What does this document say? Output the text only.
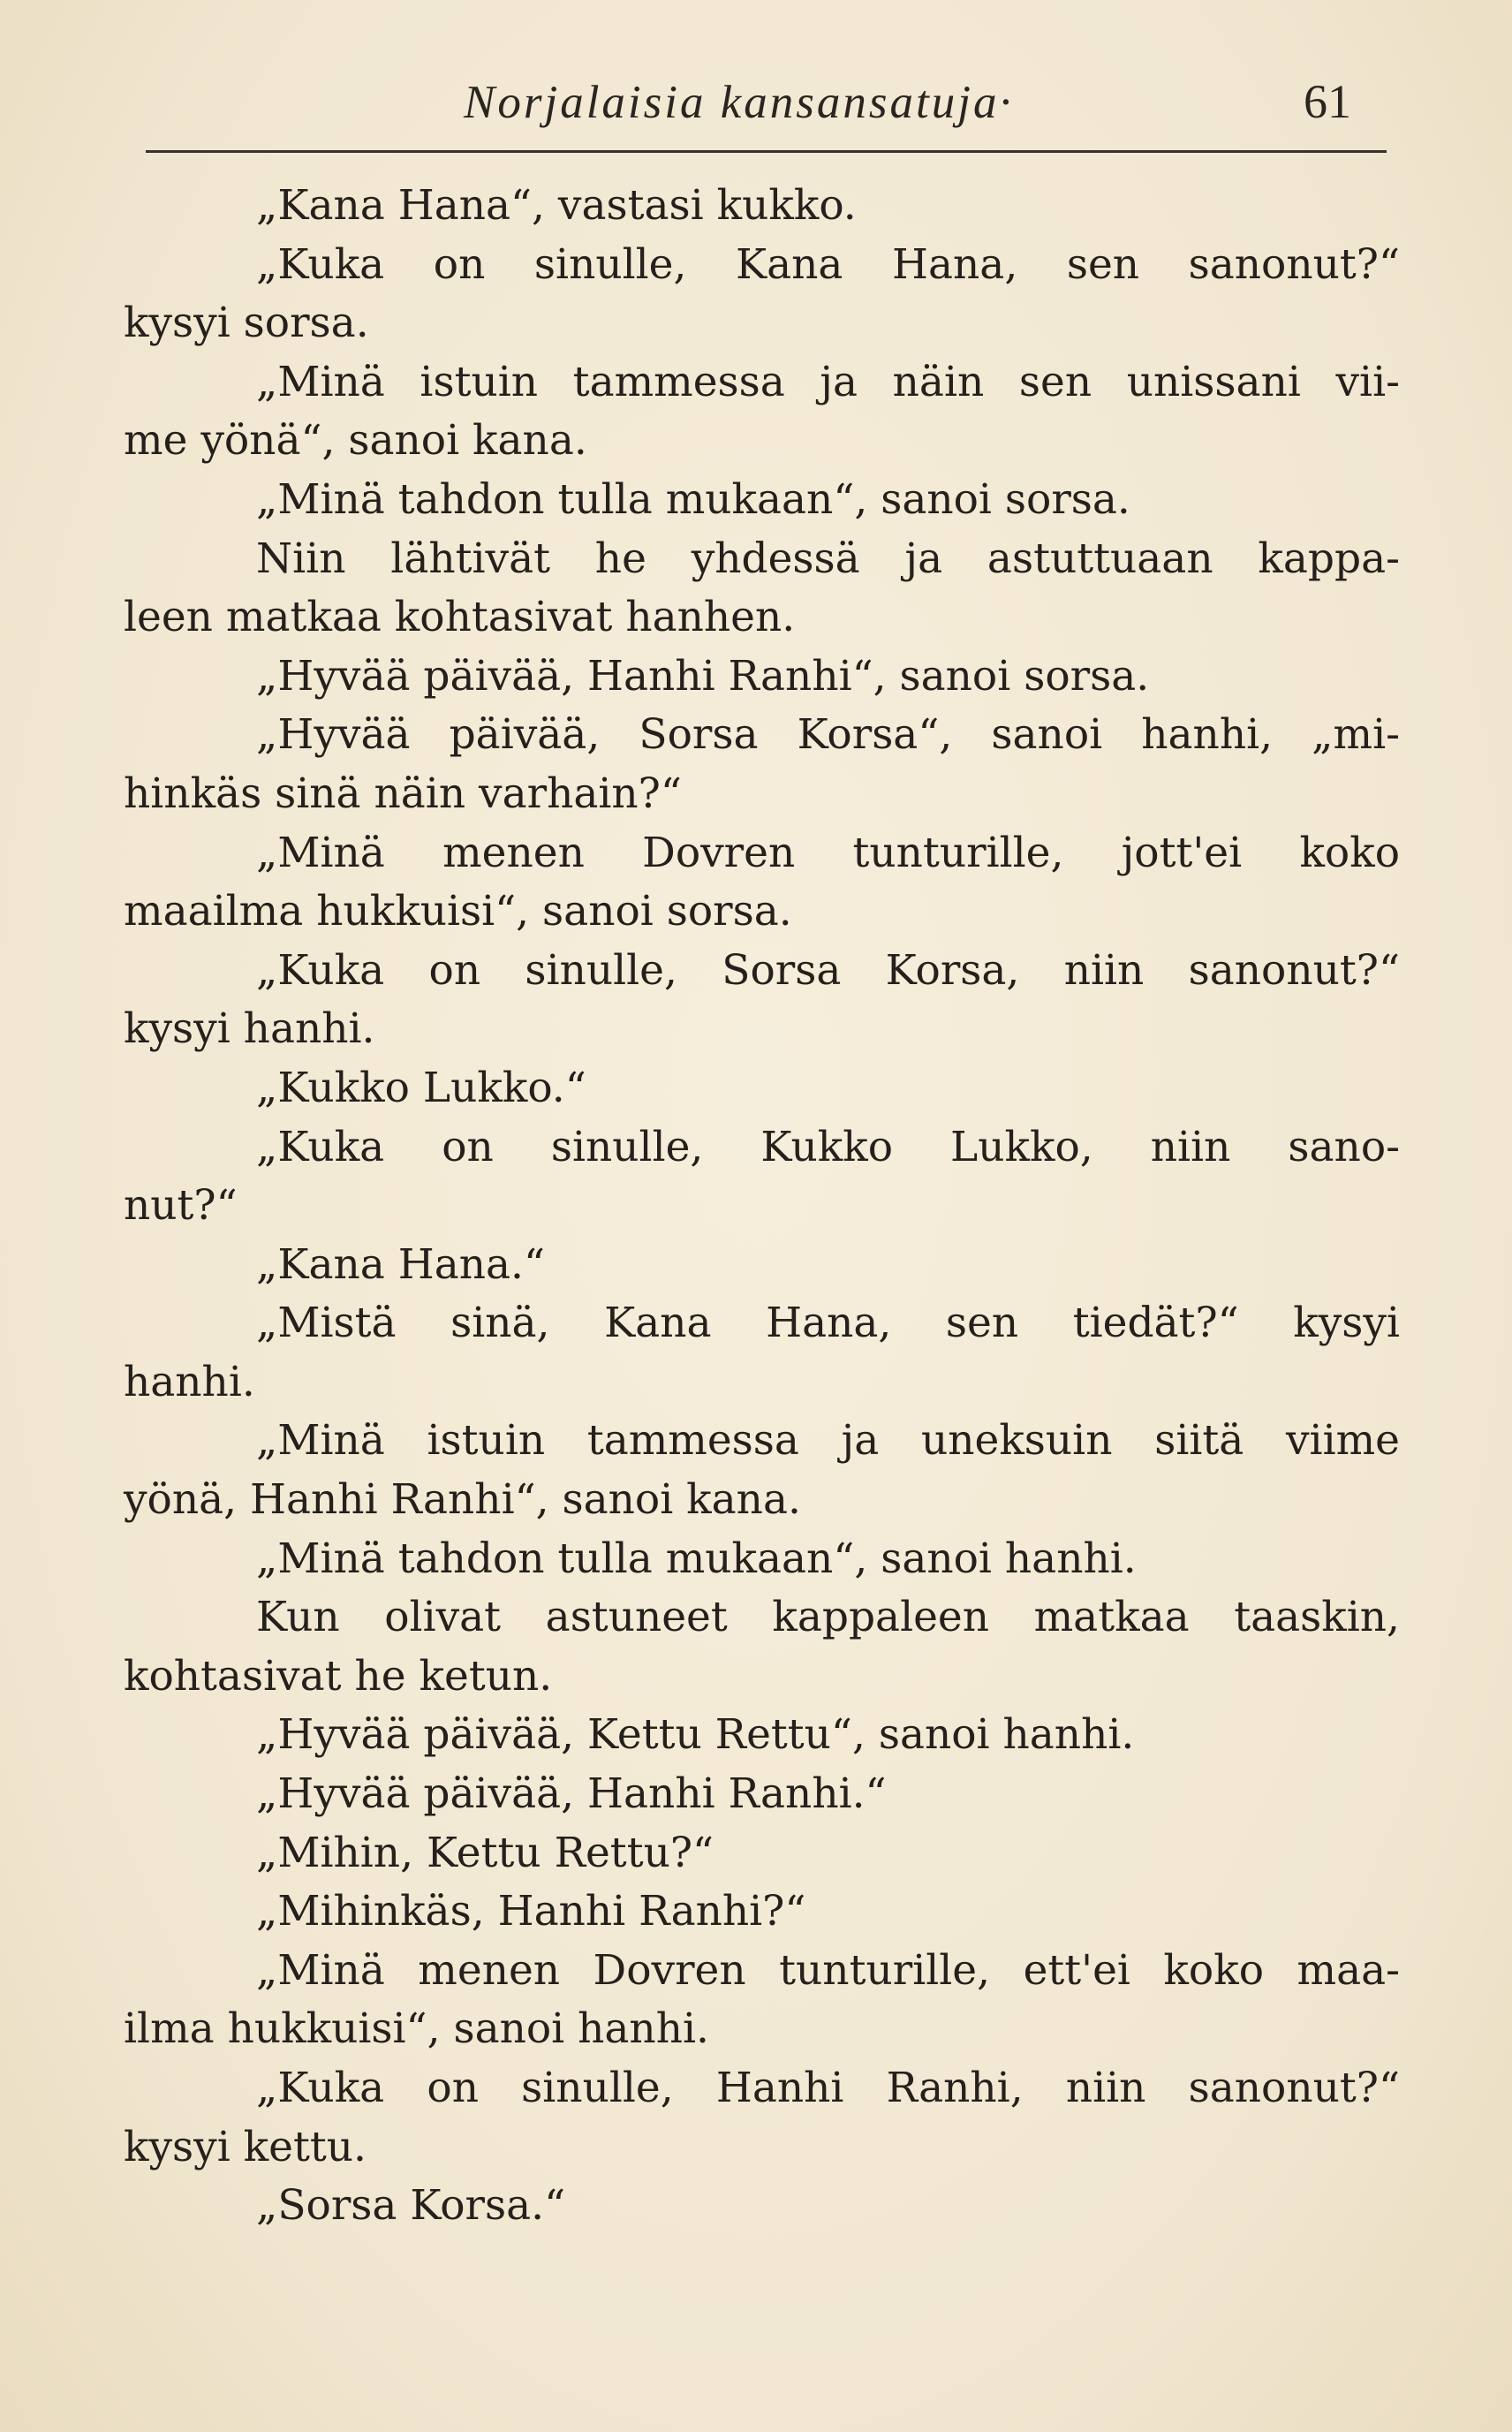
Norjalaisia kansansatuja·	61
„Kana Hana“, vastasi kukko.
„Kuka on sinulle, Kana Hana, sen sanonut?“
kysyi sorsa.
„Minä istuin tammessa ja näin sen unissani vii-
me yönä“, sanoi kana.
„Minä tahdon tulla mukaan“, sanoi sorsa.
Niin lähtivät he yhdessä ja astuttuaan kappa-
leen matkaa kohtasivat hanhen.
„Hyvää päivää, Hanhi Ranhi“, sanoi sorsa.
„Hyvää päivää, Sorsa Korsa“, sanoi hanhi, „mi-
hinkäs sinä näin varhain?“
„Minä menen Dovren tunturille, jott'ei koko
maailma hukkuisi“, sanoi sorsa.
„Kuka on sinulle, Sorsa Korsa, niin sanonut?“
kysyi hanhi.
„Kukko Lukko.“
„Kuka on sinulle, Kukko Lukko, niin sano-
nut?“
„Kana Hana.“
„Mistä sinä, Kana Hana, sen tiedät?“ kysyi
hanhi.
„Minä istuin tammessa ja uneksuin siitä viime
yönä, Hanhi Ranhi“, sanoi kana.
„Minä tahdon tulla mukaan“, sanoi hanhi.
Kun olivat astuneet kappaleen matkaa taaskin,
kohtasivat he ketun.
„Hyvää päivää, Kettu Rettu“, sanoi hanhi.
„Hyvää päivää, Hanhi Ranhi.“
„Mihin, Kettu Rettu?“
„Mihinkäs, Hanhi Ranhi?“
„Minä menen Dovren tunturille, ett'ei koko maa-
ilma hukkuisi“, sanoi hanhi.
„Kuka on sinulle, Hanhi Ranhi, niin sanonut?“
kysyi kettu.
„Sorsa Korsa.“
